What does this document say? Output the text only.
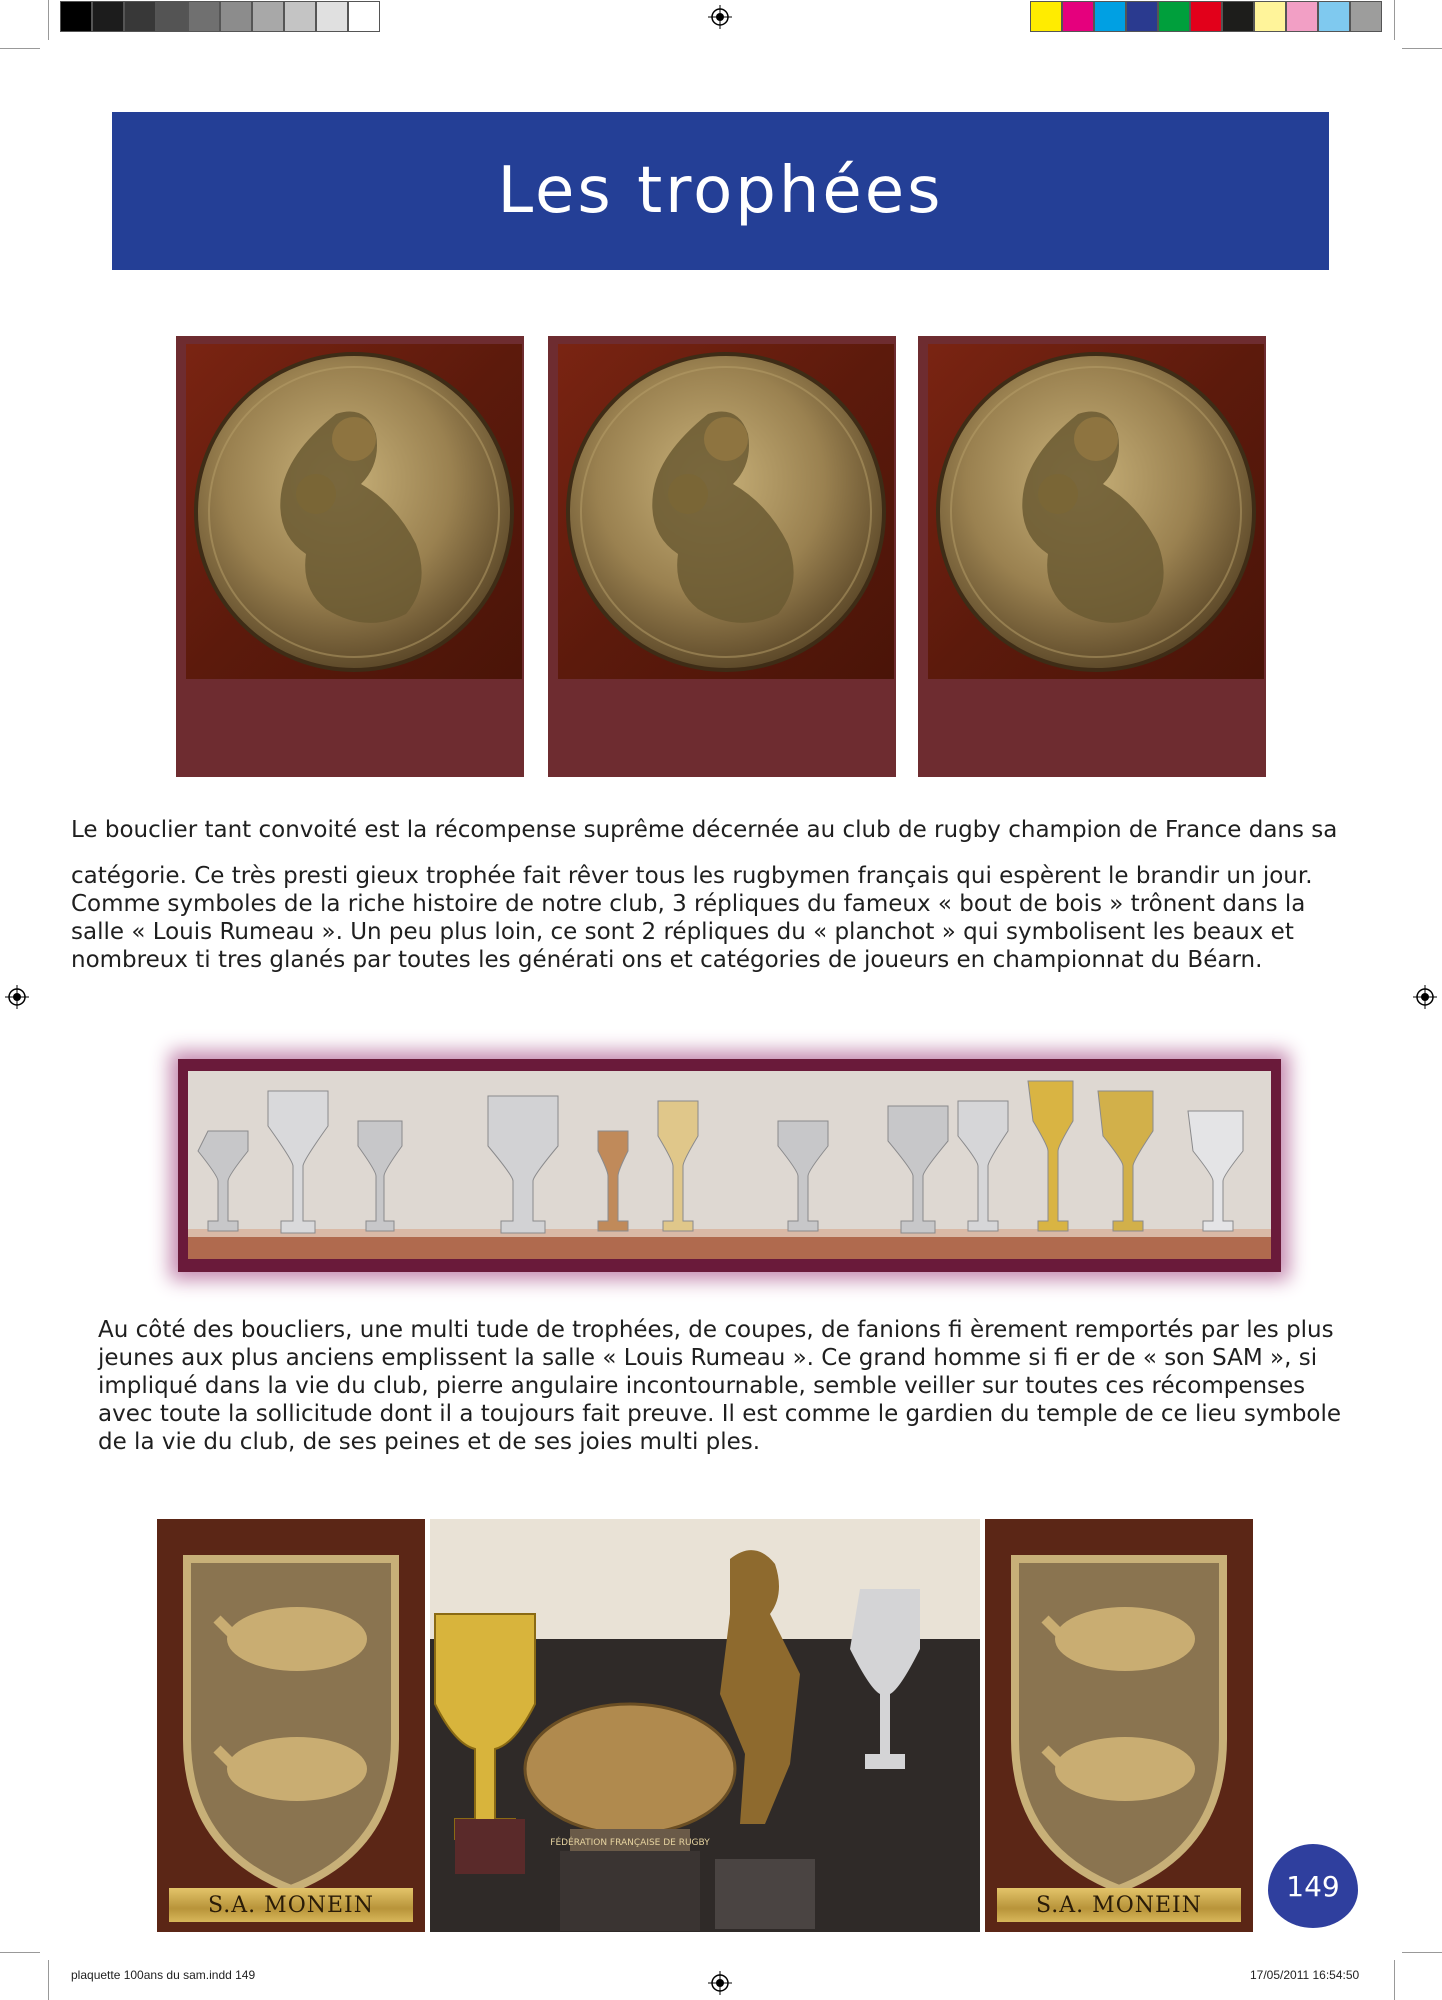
Les trophées

Le bouclier tant convoité est la récompense suprême décernée au club de rugby champion de France dans sa

catégorie. Ce très presti gieux trophée fait rêver tous les rugbymen français qui espèrent le brandir un jour.

Comme symboles de la riche histoire de notre club, 3 répliques du fameux « bout de bois » trônent dans la

salle « Louis Rumeau ». Un peu plus loin, ce sont 2 répliques du « planchot » qui symbolisent les beaux et

nombreux ti tres glanés par toutes les générati ons et catégories de joueurs en championnat du Béarn.

Au côté des boucliers, une multi tude de trophées, de coupes, de fanions fi èrement remportés par les plus

jeunes aux plus anciens emplissent la salle « Louis Rumeau ». Ce grand homme si fi er de « son SAM », si

impliqué dans la vie du club, pierre angulaire incontournable, semble veiller sur toutes ces récompenses

avec toute la sollicitude dont il a toujours fait preuve. Il est comme le gardien du temple de ce lieu symbole

de la vie du club, de ses peines et de ses joies multi ples.

S.A. MONEIN
FÉDÉRATION FRANÇAISE DE RUGBY
S.A. MONEIN
149
plaquette 100ans du sam.indd 149	17/05/2011 16:54:50
